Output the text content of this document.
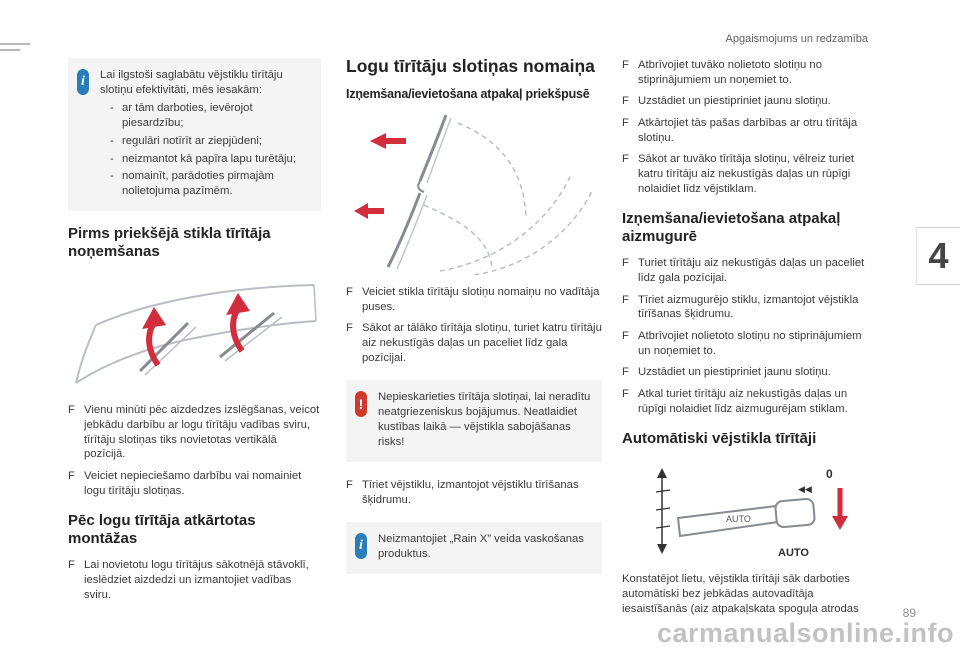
Apgaismojums un redzamība
4
i	Lai ilgstoši saglabātu vējstiklu tīrītāju slotiņu efektivitāti, mēs iesakām:
- ar tām darboties, ievērojot piesardzību;
- regulāri notīrīt ar ziepjūdeni;
- neizmantot kā papīra lapu turētāju;
- nomainīt, parādoties pirmajām nolietojuma pazīmēm.
Pirms priekšējā stikla tīrītāja noņemšanas
F Vienu minūti pēc aizdedzes izslēgšanas, veicot jebkādu darbību ar logu tīrītāju vadības sviru, tīrītāju slotiņas tiks novietotas vertikālā pozīcijā.
F Veiciet nepieciešamo darbību vai nomainiet logu tīrītāju slotiņas.
Pēc logu tīrītāja atkārtotas montāžas
F Lai novietotu logu tīrītājus sākotnējā stāvoklī, ieslēdziet aizdedzi un izmantojiet vadības sviru.
Logu tīrītāju slotiņas nomaiņa
Izņemšana/ievietošana atpakaļ priekšpusē
F Veiciet stikla tīrītāju slotiņu nomaiņu no vadītāja puses.
F Sākot ar tālāko tīrītāja slotiņu, turiet katru tīrītāju aiz nekustīgās daļas un paceliet līdz gala pozīcijai.
!	Nepieskarieties tīrītāja slotiņai, lai neradītu neatgriezeniskus bojājumus. Neatlaidiet kustības laikā — vējstikla sabojāšanas risks!
F Tīriet vējstiklu, izmantojot vējstiklu tīrīšanas šķidrumu.
i	Neizmantojiet „Rain X” veida vaskošanas produktus.
F Atbrīvojiet tuvāko nolietoto slotiņu no stiprinājumiem un noņemiet to.
F Uzstādiet un piestipriniet jaunu slotiņu.
F Atkārtojiet tās pašas darbības ar otru tīrītāja slotiņu.
F Sākot ar tuvāko tīrītāja slotiņu, vēlreiz turiet katru tīrītāju aiz nekustīgās daļas un rūpīgi nolaidiet līdz vējstiklam.
Izņemšana/ievietošana atpakaļ aizmugurē
F Turiet tīrītāju aiz nekustīgās daļas un paceliet līdz gala pozīcijai.
F Tīriet aizmugurējo stiklu, izmantojot vējstikla tīrīšanas šķidrumu.
F Atbrīvojiet nolietoto slotiņu no stiprinājumiem un noņemiet to.
F Uzstādiet un piestipriniet jaunu slotiņu.
F Atkal turiet tīrītāju aiz nekustīgās daļas un rūpīgi nolaidiet līdz aizmugurējam stiklam.
Automātiski vējstikla tīrītāji
AUTO
0
◀◀
AUTO
Konstatējot lietu, vējstikla tīrītāji sāk darboties automātiski bez jebkādas autovadītāja iesaistīšanās (aiz atpakaļskata spoguļa atrodas	89
carmanualsonline.info
